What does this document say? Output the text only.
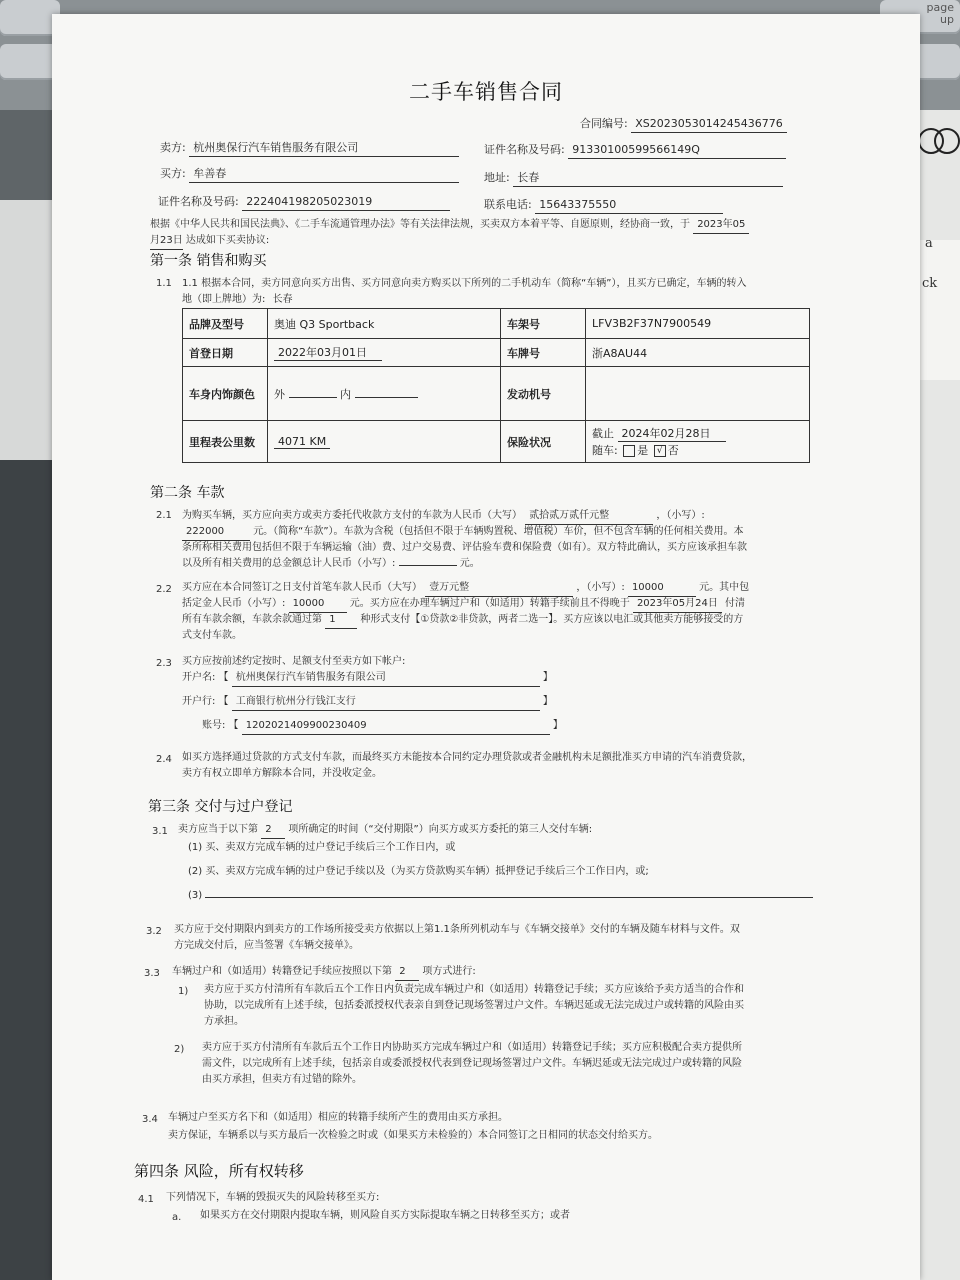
page
up
a
ck
二手车销售合同
合同编号: XS2023053014245436776
卖方: 杭州奥保行汽车销售服务有限公司	证件名称及号码: 91330100599566149Q
买方: 牟善春	地址: 长春
证件名称及号码: 222404198205023019	联系电话: 15643375550
根据《中华人民共和国民法典》、《二手车流通管理办法》等有关法律法规，买卖双方本着平等、自愿原则，经协商一致，于 2023年05
月23日 达成如下买卖协议:
第一条 销售和购买
1.1 1.1 根据本合同，卖方同意向买方出售、买方同意向卖方购买以下所列的二手机动车（简称“车辆”），且买方已确定，车辆的转入
地（即上牌地）为: 长春
品牌及型号	奥迪 Q3 Sportback	车架号	LFV3B2F37N7900549
首登日期	2022年03月01日	车牌号	浙A8AU44
车身内饰颜色	外 内	发动机号	
里程表公里数	4071 KM	保险状况	截止 2024年02月28日
随车: 是 √ 否
第二条 车款
2.1 为购买车辆，买方应向卖方或卖方委托代收款方支付的车款为人民币（大写） 贰拾贰万贰仟元整	，（小写）:
222000	元。（简称“车款”）。车款为含税（包括但不限于车辆购置税、增值税）车价，但不包含车辆的任何相关费用。本
条所称相关费用包括但不限于车辆运输（油）费、过户交易费、评估验车费和保险费（如有）。双方特此确认，买方应该承担车款
以及所有相关费用的总金额总计人民币（小写）:	元。
2.2 买方应在本合同签订之日支付首笔车款人民币（大写） 壹万元整	，（小写）: 10000	元。其中包
括定金人民币（小写）: 10000	元。买方应在办理车辆过户和（如适用）转籍手续前且不得晚于 2023年05月24日 付清
所有车款余额，车款余款通过第 1 种形式支付【①贷款②非贷款，两者二选一】。买方应该以电汇或其他卖方能够接受的方
式支付车款。
2.3 买方应按前述约定按时、足额支付至卖方如下帐户:
开户名: 【 杭州奥保行汽车销售服务有限公司	】
开户行: 【 工商银行杭州分行钱江支行	】
账号: 【 1202021409900230409	】
2.4 如买方选择通过贷款的方式支付车款，而最终买方未能按本合同约定办理贷款或者金融机构未足额批准买方申请的汽车消费贷款，
卖方有权立即单方解除本合同，并没收定金。
第三条 交付与过户登记
3.1 卖方应当于以下第 2 项所确定的时间（“交付期限”）向买方或买方委托的第三人交付车辆:
(1) 买、卖双方完成车辆的过户登记手续后三个工作日内，或
(2) 买、卖双方完成车辆的过户登记手续以及（为买方贷款购买车辆）抵押登记手续后三个工作日内，或;
(3)
3.2 买方应于交付期限内到卖方的工作场所接受卖方依据以上第1.1条所列机动车与《车辆交接单》交付的车辆及随车材料与文件。双
方完成交付后，应当签署《车辆交接单》。
3.3 车辆过户和（如适用）转籍登记手续应按照以下第 2 项方式进行:
1) 卖方应于买方付清所有车款后五个工作日内负责完成车辆过户和（如适用）转籍登记手续；买方应该给予卖方适当的合作和
协助，以完成所有上述手续，包括委派授权代表亲自到登记现场签署过户文件。车辆迟延或无法完成过户或转籍的风险由买
方承担。
2) 卖方应于买方付清所有车款后五个工作日内协助买方完成车辆过户和（如适用）转籍登记手续；买方应积极配合卖方提供所
需文件，以完成所有上述手续，包括亲自或委派授权代表到登记现场签署过户文件。车辆迟延或无法完成过户或转籍的风险
由买方承担，但卖方有过错的除外。
3.4 车辆过户至买方名下和（如适用）相应的转籍手续所产生的费用由买方承担。
卖方保证，车辆系以与买方最后一次检验之时或（如果买方未检验的）本合同签订之日相同的状态交付给买方。
第四条 风险，所有权转移
4.1 下列情况下，车辆的毁损灭失的风险转移至买方:
a. 如果买方在交付期限内提取车辆，则风险自买方实际提取车辆之日转移至买方；或者
